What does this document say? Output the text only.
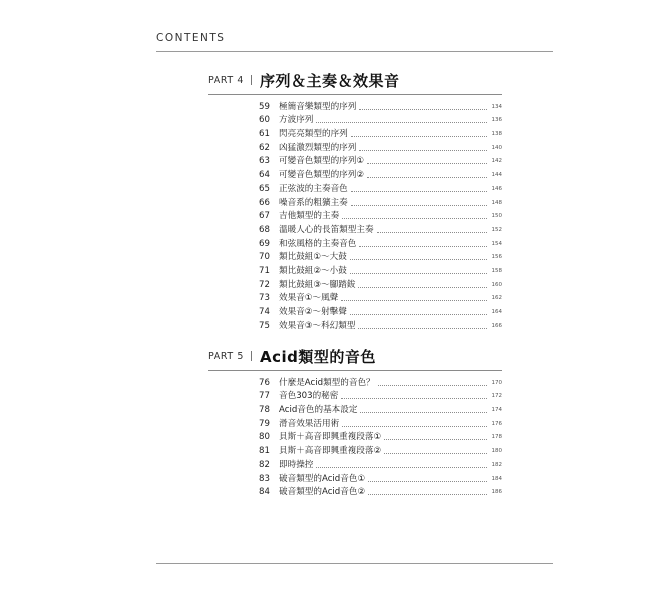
CONTENTS
PART 4 序列＆主奏＆效果音
59	極簡音樂類型的序列	134
60	方波序列	136
61	閃亮亮類型的序列	138
62	凶猛激烈類型的序列	140
63	可變音色類型的序列①	142
64	可變音色類型的序列②	144
65	正弦波的主奏音色	146
66	噪音系的粗獷主奏	148
67	吉他類型的主奏	150
68	溫暖人心的長笛類型主奏	152
69	和弦風格的主奏音色	154
70	類比鼓組①～大鼓	156
71	類比鼓組②～小鼓	158
72	類比鼓組③～腳踏鈸	160
73	效果音①～風聲	162
74	效果音②～射擊聲	164
75	效果音③～科幻類型	166
PART 5 Acid類型的音色
76	什麼是Acid類型的音色？	170
77	音色303的秘密	172
78	Acid音色的基本設定	174
79	滑音效果活用術	176
80	貝斯＋高音即興重複段落①	178
81	貝斯＋高音即興重複段落②	180
82	即時操控	182
83	破音類型的Acid音色①	184
84	破音類型的Acid音色②	186
